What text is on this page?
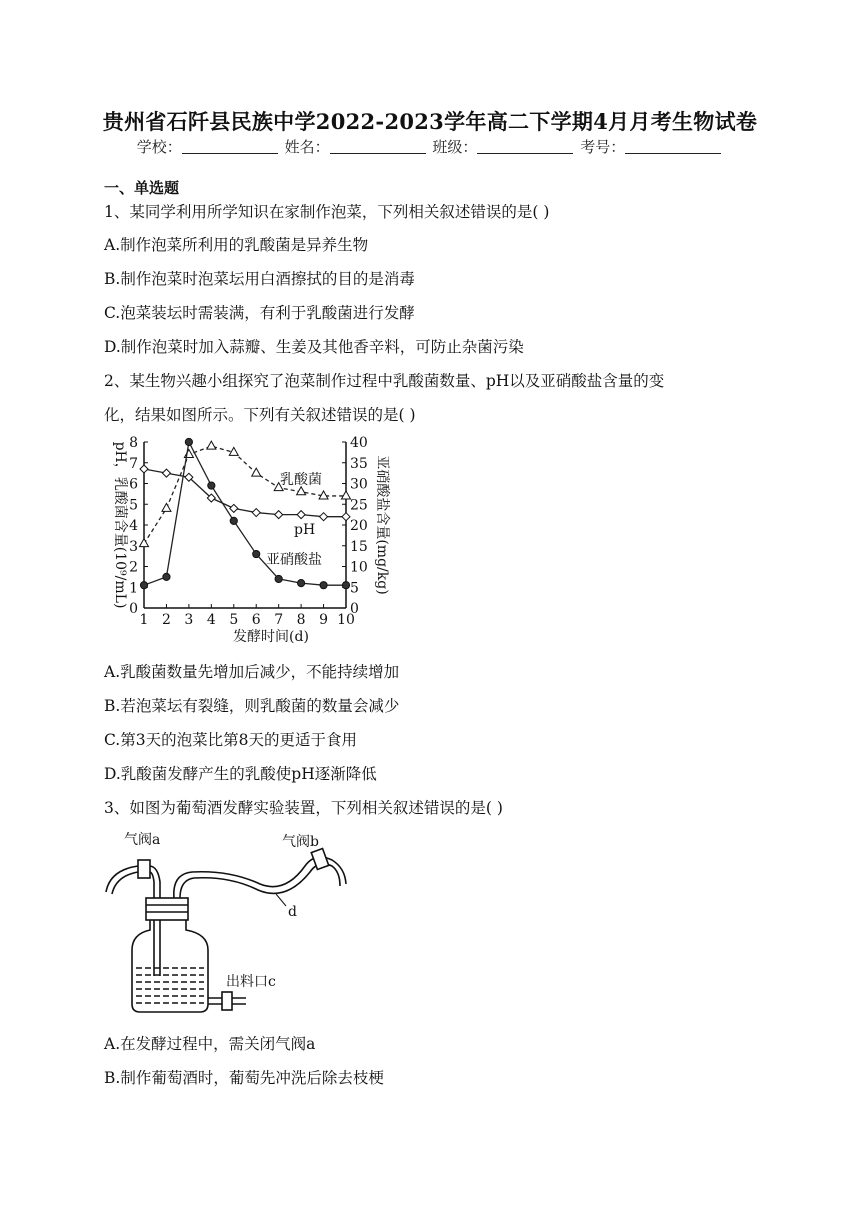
贵州省石阡县民族中学2022-2023学年高二下学期4月月考生物试卷
学校：	姓名：	班级：	考号：
一、单选题
1、某同学利用所学知识在家制作泡菜，下列相关叙述错误的是( )
A.制作泡菜所利用的乳酸菌是异养生物
B.制作泡菜时泡菜坛用白酒擦拭的目的是消毒
C.泡菜装坛时需装满，有利于乳酸菌进行发酵
D.制作泡菜时加入蒜瓣、生姜及其他香辛料，可防止杂菌污染
2、某生物兴趣小组探究了泡菜制作过程中乳酸菌数量、pH以及亚硝酸盐含量的变
化，结果如图所示。下列有关叙述错误的是( )
0
1
2
3
4
5
6
7
8
0
5
10
15
20
25
30
35
40
1 2 3 4 5 6 7 8 9 10
发酵时间(d)
pH，乳酸菌含量(10⁹/mL)	亚硝酸盐含量(mg/kg)
乳酸菌
pH
亚硝酸盐
A.乳酸菌数量先增加后减少，不能持续增加
B.若泡菜坛有裂缝，则乳酸菌的数量会减少
C.第3天的泡菜比第8天的更适于食用
D.乳酸菌发酵产生的乳酸使pH逐渐降低
3、如图为葡萄酒发酵实验装置，下列相关叙述错误的是( )
气阀a	气阀b
d
出料口c
A.在发酵过程中，需关闭气阀a
B.制作葡萄酒时，葡萄先冲洗后除去枝梗
